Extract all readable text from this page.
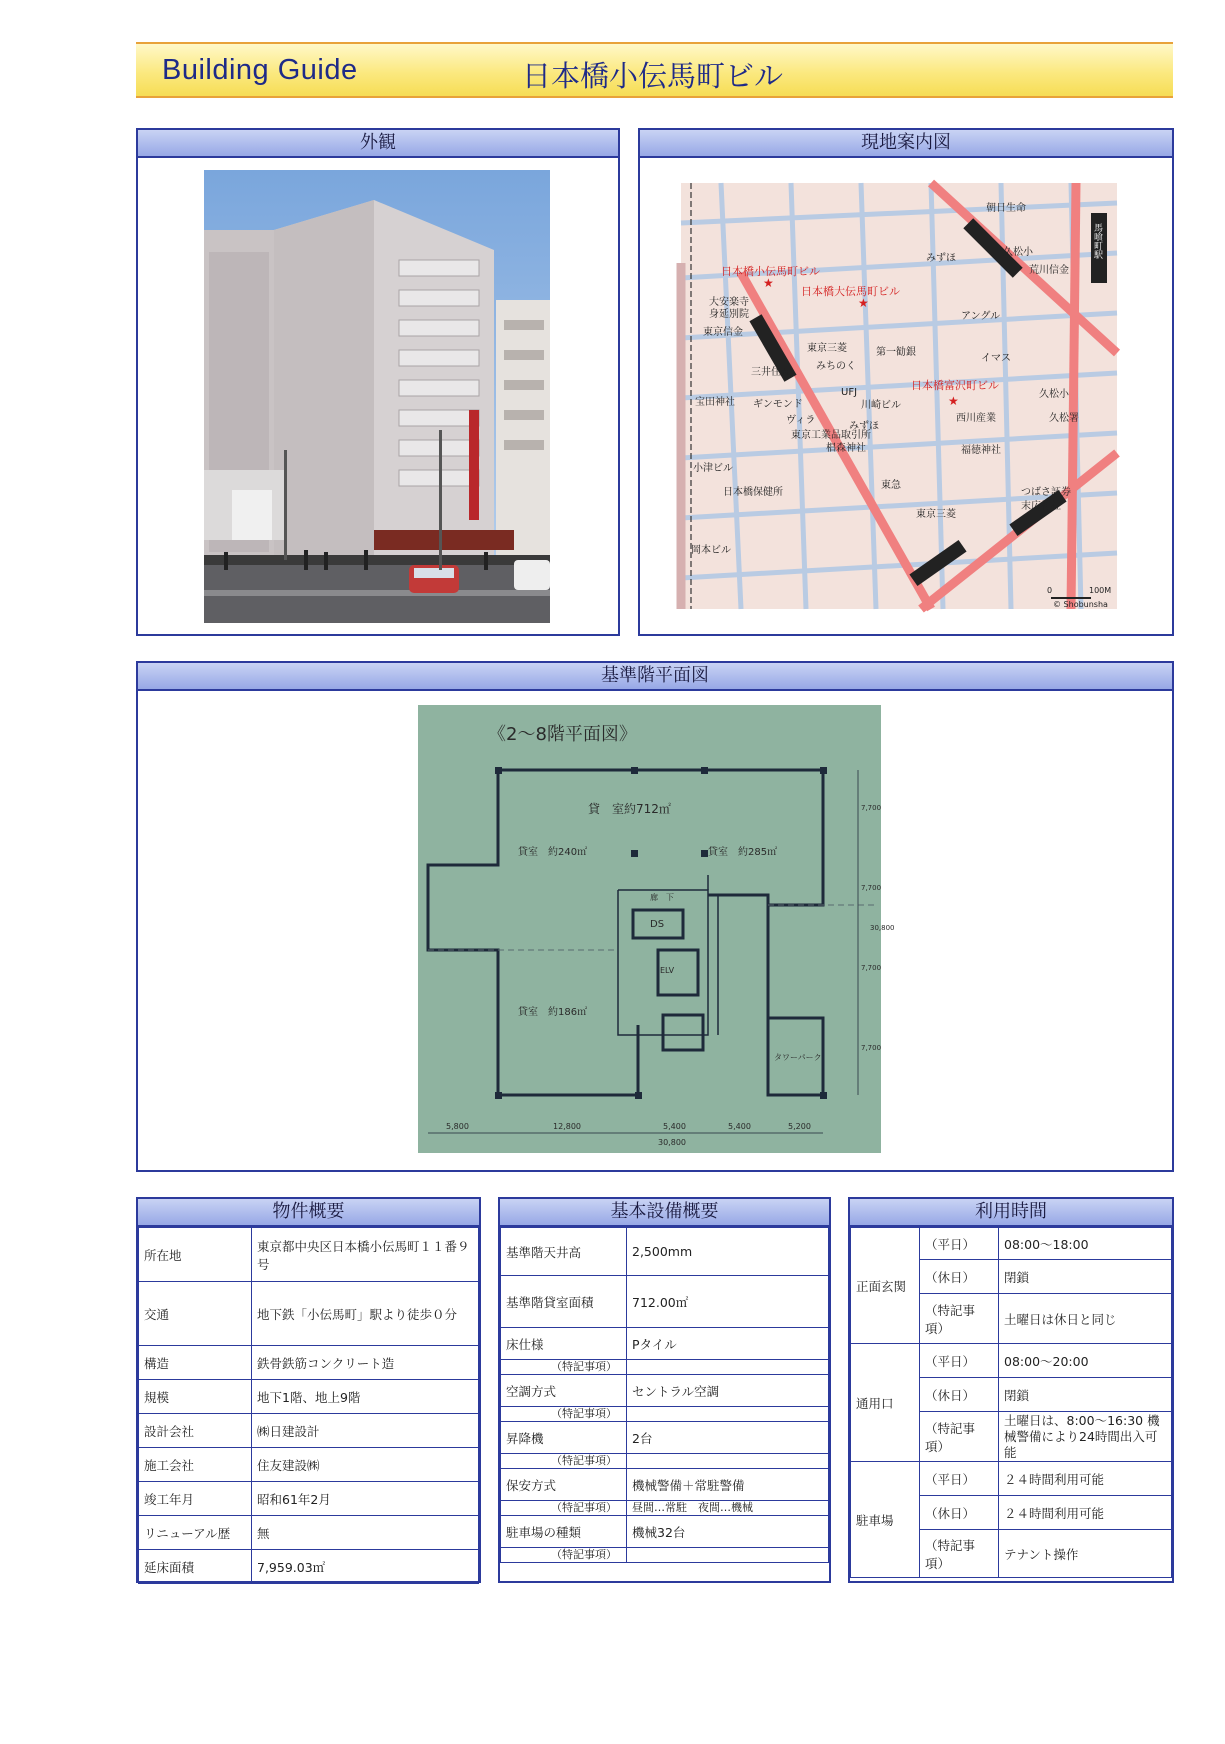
Building Guide	日本橋小伝馬町ビル
外観	現地案内図
馬喰町駅
日本橋小伝馬町ビル
日本橋大伝馬町ビル
日本橋富沢町ビル
★
★
★
朝日生命
みずほ
久松小
荒川信金
大安楽寺
身延別院
東京信金
東京三菱
みちのく
三井住友
UFJ
宝田神社 ギンモンド
ヴィラ
東京工業品取引所
椙森神社
川崎ビル
みずほ
西川産業
福徳神社
久松署
久松小
小津ビル
日本橋保健所	つばさ証券
末広神社
東京三菱
岡本ビル
アングル
イマス
第一勧銀
東急
0	100M
© Shobunsha
基準階平面図
《2～8階平面図》
貸　室約712㎡
貸室　約240㎡	貸室　約285㎡
貸室　約186㎡
DS
廊　下
タワーパーク
ELV
5,800	12,800	5,400	5,400	5,200
30,800
7,700
7,700
7,700
7,700
30,800
物件概要
所在地	東京都中央区日本橋小伝馬町１１番９号
交通	地下鉄「小伝馬町」駅より徒歩０分
構造	鉄骨鉄筋コンクリート造
規模	地下1階、地上9階
設計会社	㈱日建設計
施工会社	住友建設㈱
竣工年月	昭和61年2月
リニューアル歴	無
延床面積	7,959.03㎡
基本設備概要
基準階天井高	2,500mm
基準階貸室面積	712.00㎡
床仕様	Pタイル
（特記事項）	
空調方式	セントラル空調
（特記事項）	
昇降機	2台
（特記事項）	
保安方式	機械警備＋常駐警備
（特記事項）	昼間…常駐　夜間…機械
駐車場の種類	機械32台
（特記事項）	
利用時間
正面玄関	（平日）	08:00～18:00
	（休日）	閉鎖
	（特記事項）	土曜日は休日と同じ
通用口	（平日）	08:00～20:00
	（休日）	閉鎖
	（特記事項）	土曜日は、8:00～16:30 機械警備により24時間出入可能
駐車場	（平日）	２４時間利用可能
	（休日）	２４時間利用可能
	（特記事項）	テナント操作
